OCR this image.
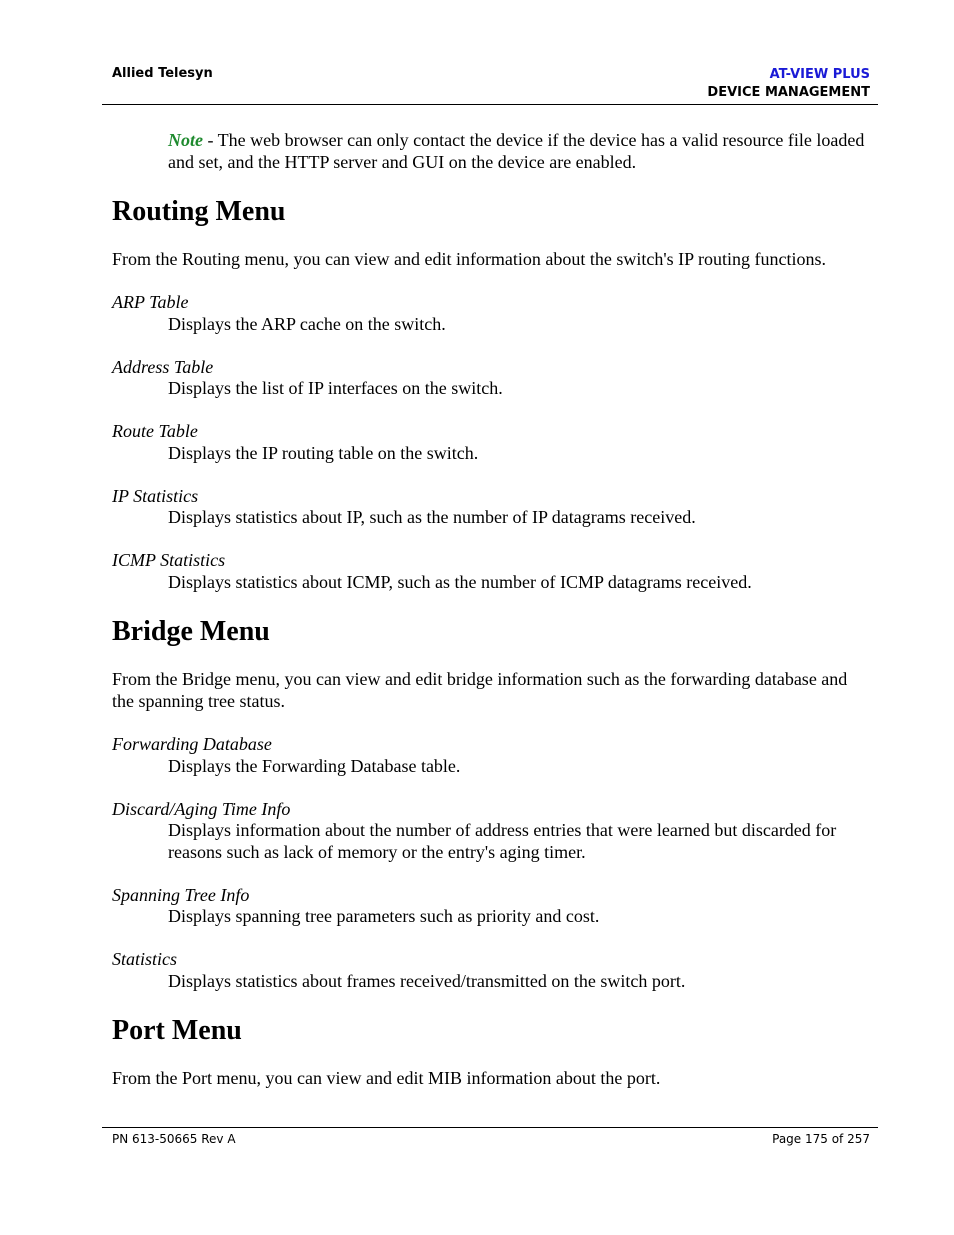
Allied Telesyn	AT-VIEW PLUS
DEVICE MANAGEMENT
Note - The web browser can only contact the device if the device has a valid resource file loaded and set, and the HTTP server and GUI on the device are enabled.
Routing Menu
From the Routing menu, you can view and edit information about the switch's IP routing functions.
ARP Table
Displays the ARP cache on the switch.
Address Table
Displays the list of IP interfaces on the switch.
Route Table
Displays the IP routing table on the switch.
IP Statistics
Displays statistics about IP, such as the number of IP datagrams received.
ICMP Statistics
Displays statistics about ICMP, such as the number of ICMP datagrams received.
Bridge Menu
From the Bridge menu, you can view and edit bridge information such as the forwarding database and the spanning tree status.
Forwarding Database
Displays the Forwarding Database table.
Discard/Aging Time Info
Displays information about the number of address entries that were learned but discarded for reasons such as lack of memory or the entry's aging timer.
Spanning Tree Info
Displays spanning tree parameters such as priority and cost.
Statistics
Displays statistics about frames received/transmitted on the switch port.
Port Menu
From the Port menu, you can view and edit MIB information about the port.
PN 613-50665 Rev A	Page 175 of 257
